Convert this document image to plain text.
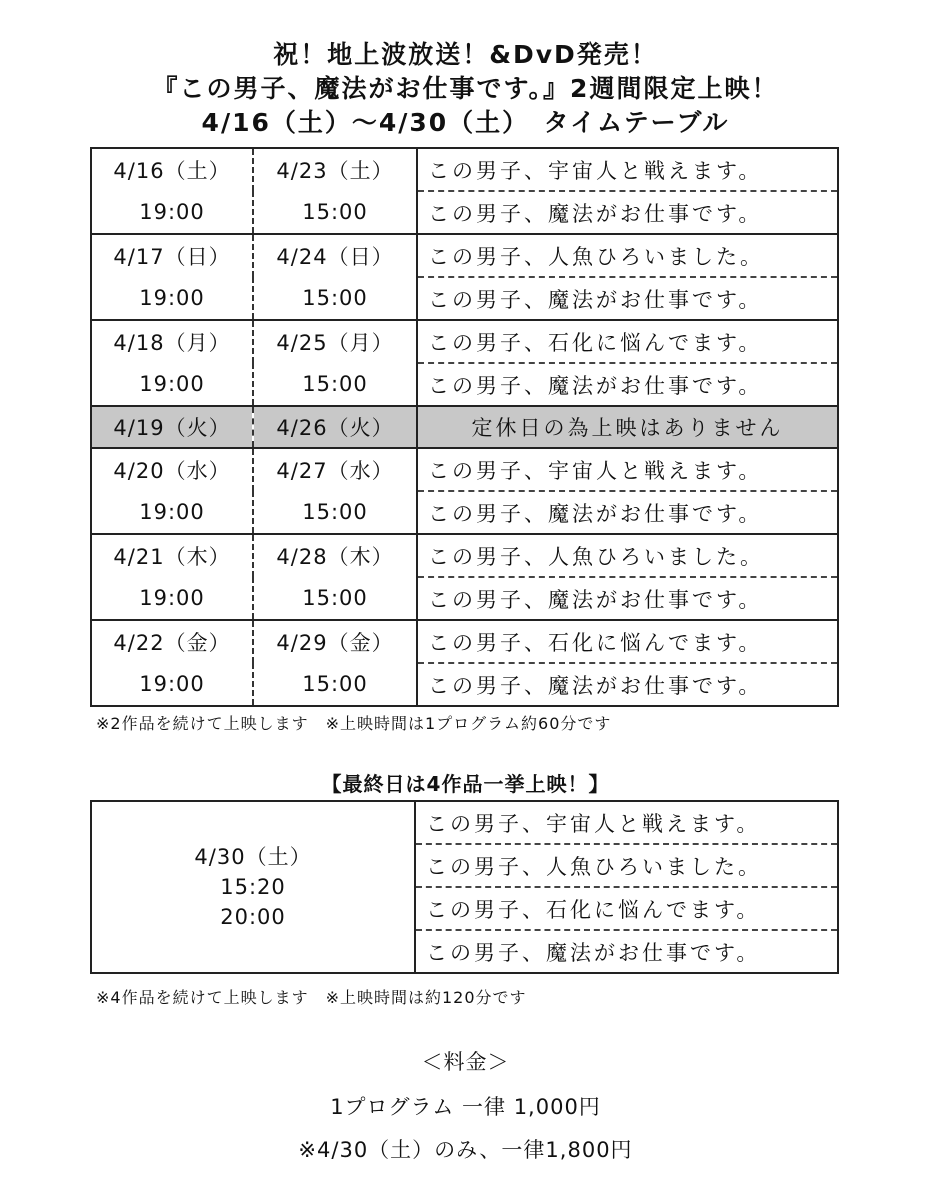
祝！地上波放送！&DvD発売！
『この男子、魔法がお仕事です。』2週間限定上映！
4/16（土）～4/30（土）　タイムテーブル
4/16（土）	4/23（土）	この男子、宇宙人と戦えます。
19:00	15:00	この男子、魔法がお仕事です。
4/17（日）	4/24（日）	この男子、人魚ひろいました。
19:00	15:00	この男子、魔法がお仕事です。
4/18（月）	4/25（月）	この男子、石化に悩んでます。
19:00	15:00	この男子、魔法がお仕事です。
4/19（火）	4/26（火）	定休日の為上映はありません
4/20（水）	4/27（水）	この男子、宇宙人と戦えます。
19:00	15:00	この男子、魔法がお仕事です。
4/21（木）	4/28（木）	この男子、人魚ひろいました。
19:00	15:00	この男子、魔法がお仕事です。
4/22（金）	4/29（金）	この男子、石化に悩んでます。
19:00	15:00	この男子、魔法がお仕事です。
※2作品を続けて上映します　※上映時間は1プログラム約60分です
【最終日は4作品一挙上映！】
4/30（土）
15:20
20:00
	この男子、宇宙人と戦えます。
この男子、人魚ひろいました。
この男子、石化に悩んでます。
この男子、魔法がお仕事です。
※4作品を続けて上映します　※上映時間は約120分です
＜料金＞
1プログラム 一律 1,000円
※4/30（土）のみ、一律1,800円
